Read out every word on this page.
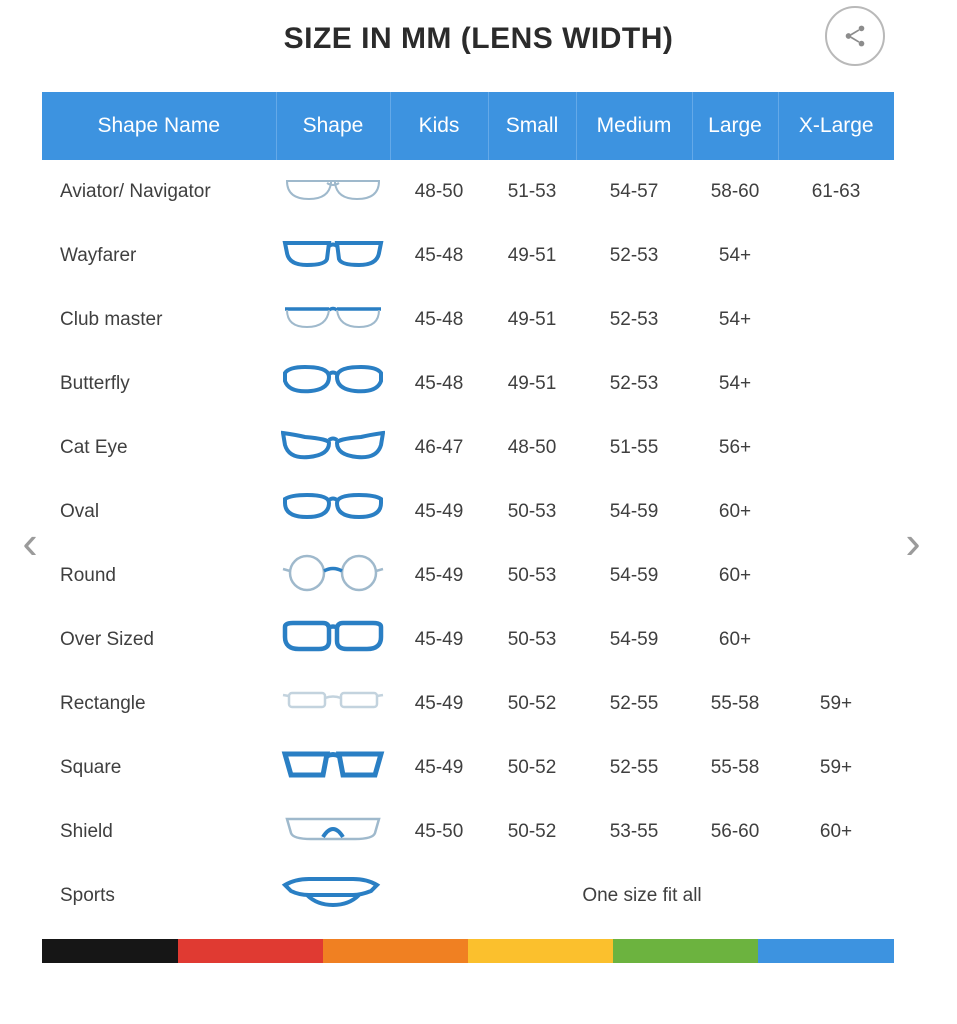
SIZE IN MM (LENS WIDTH)
Shape Name	Shape	Kids	Small	Medium	Large	X-Large
Aviator/ Navigator		48-50	51-53	54-57	58-60	61-63
Wayfarer		45-48	49-51	52-53	54+	
Club master		45-48	49-51	52-53	54+	
Butterfly		45-48	49-51	52-53	54+	
Cat Eye		46-47	48-50	51-55	56+	
Oval		45-49	50-53	54-59	60+	
Round		45-49	50-53	54-59	60+	
Over Sized		45-49	50-53	54-59	60+	
Rectangle		45-49	50-52	52-55	55-58	59+
Square		45-49	50-52	52-55	55-58	59+
Shield		45-50	50-52	53-55	56-60	60+
Sports		One size fit all				
‹	›
